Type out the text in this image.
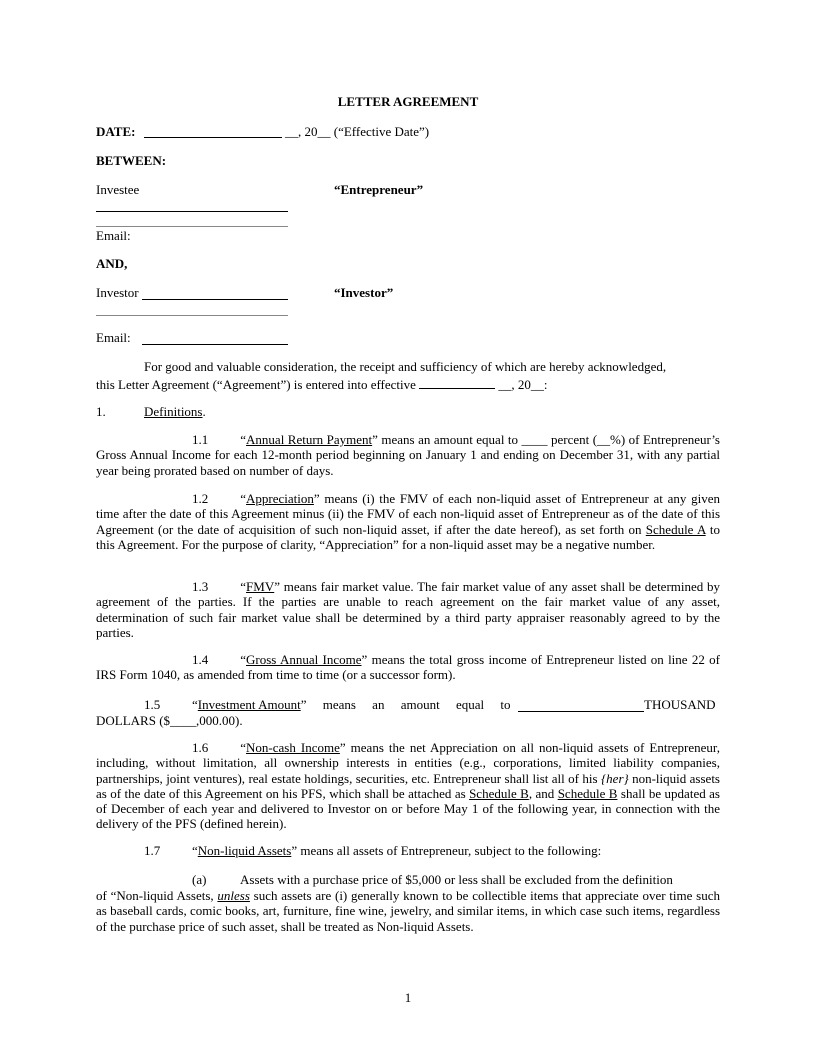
LETTER AGREEMENT
DATE:	__, 20__ (“Effective Date”)
BETWEEN:
Investee	“Entrepreneur”
Email:
AND,
Investor	“Investor”
Email:
For good and valuable consideration, the receipt and sufficiency of which are hereby acknowledged,
this Letter Agreement (“Agreement”) is entered into effective	__, 20__:
1.	Definitions.
1.1 “Annual Return Payment” means an amount equal to ____ percent (__%) of Entrepreneur’s Gross Annual Income for each 12-month period beginning on January 1 and ending on December 31, with any partial year being prorated based on number of days.
1.2 “Appreciation” means (i) the FMV of each non-liquid asset of Entrepreneur at any given time after the date of this Agreement minus (ii) the FMV of each non-liquid asset of Entrepreneur as of the date of this Agreement (or the date of acquisition of such non-liquid asset, if after the date hereof), as set forth on Schedule A to this Agreement. For the purpose of clarity, “Appreciation” for a non-liquid asset may be a negative number.
1.3 “FMV” means fair market value. The fair market value of any asset shall be determined by agreement of the parties. If the parties are unable to reach agreement on the fair market value of any asset, determination of such fair market value shall be determined by a third party appraiser reasonably agreed to by the parties.
1.4 “Gross Annual Income” means the total gross income of Entrepreneur listed on line 22 of IRS Form 1040, as amended from time to time (or a successor form).
1.5 “Investment Amount” means an amount equal to	THOUSAND
DOLLARS ($____,000.00).
1.6 “Non-cash Income” means the net Appreciation on all non-liquid assets of Entrepreneur, including, without limitation, all ownership interests in entities (e.g., corporations, limited liability companies, partnerships, joint ventures), real estate holdings, securities, etc. Entrepreneur shall list all of his {her} non-liquid assets as of the date of this Agreement on his PFS, which shall be attached as Schedule B, and Schedule B shall be updated as of December of each year and delivered to Investor on or before May 1 of the following year, in connection with the delivery of the PFS (defined herein).
1.7 “Non-liquid Assets” means all assets of Entrepreneur, subject to the following:
(a)	Assets with a purchase price of $5,000 or less shall be excluded from the definition
of “Non-liquid Assets, unless such assets are (i) generally known to be collectible items that appreciate over time such as baseball cards, comic books, art, furniture, fine wine, jewelry, and similar items, in which case such items, regardless of the purchase price of such asset, shall be treated as Non-liquid Assets.
1
